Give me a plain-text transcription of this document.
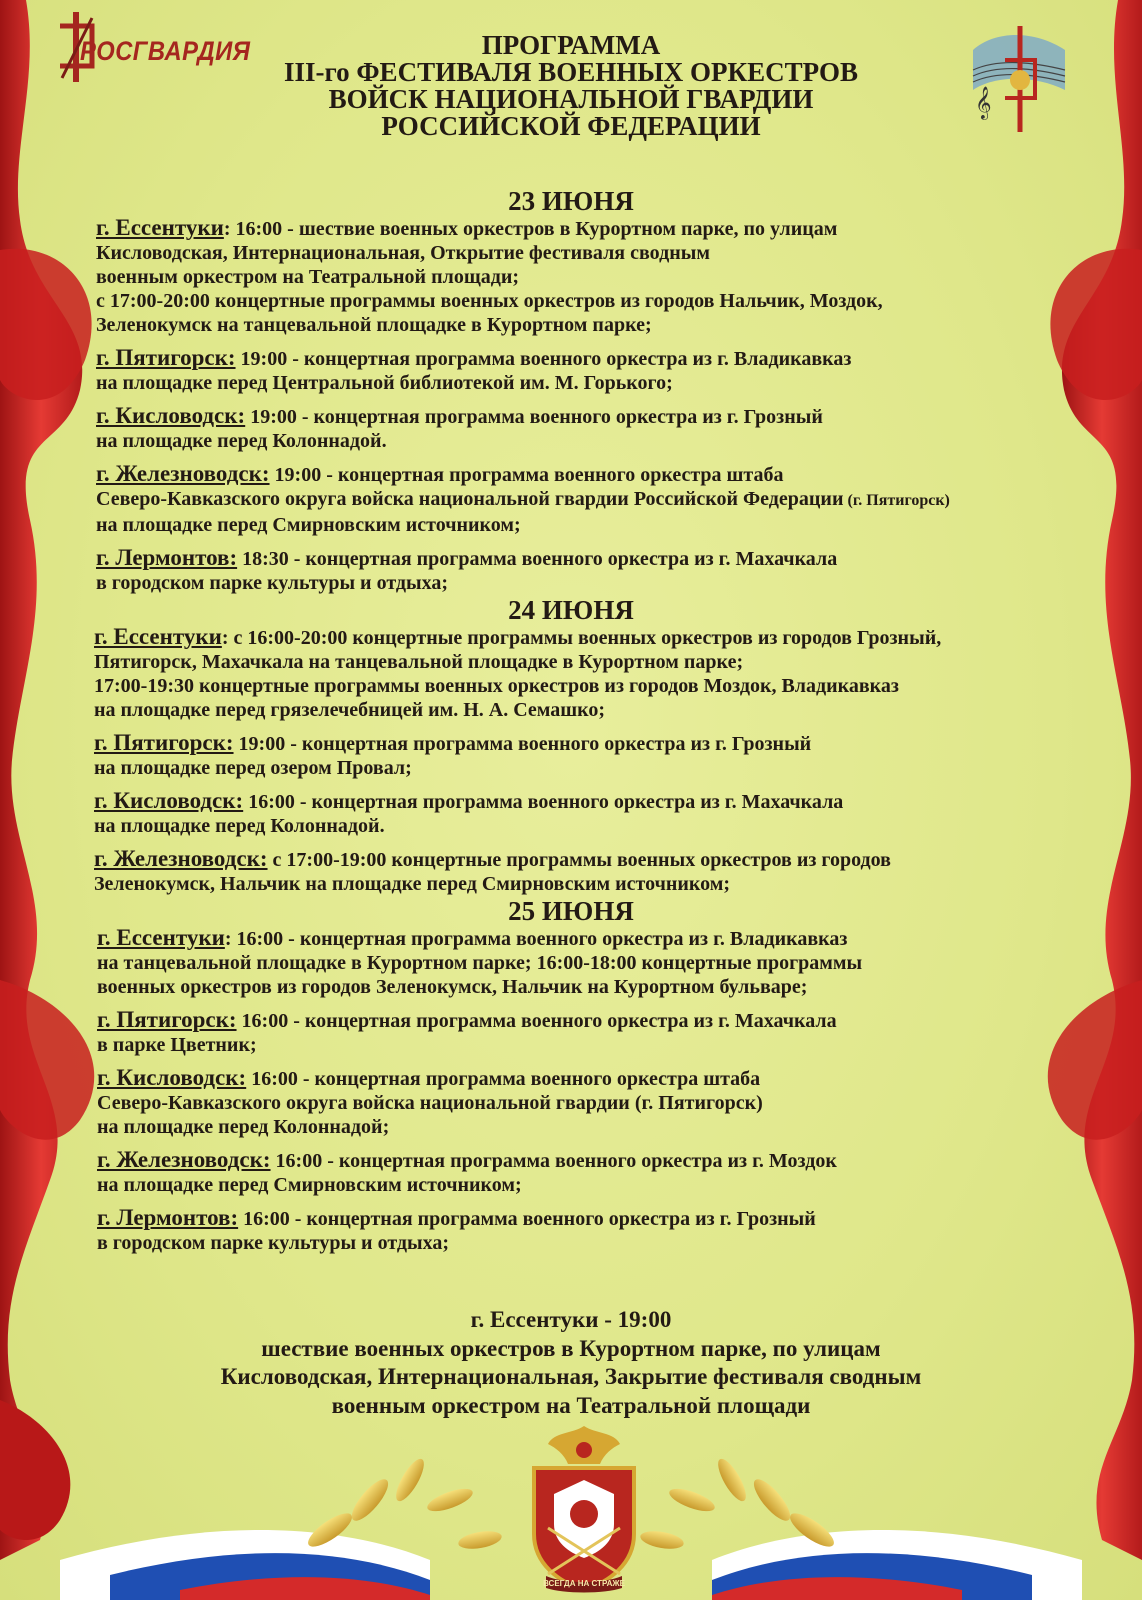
РОСГВАРДИЯ
𝄞
ПРОГРАММА
III-го ФЕСТИВАЛЯ ВОЕННЫХ ОРКЕСТРОВ
ВОЙСК НАЦИОНАЛЬНОЙ ГВАРДИИ
РОССИЙСКОЙ ФЕДЕРАЦИИ
23 ИЮНЯ
г. Ессентуки: 16:00 - шествие военных оркестров в Курортном парке, по улицам
Кисловодская, Интернациональная, Открытие фестиваля сводным
военным оркестром на Театральной площади;
с 17:00-20:00 концертные программы военных оркестров из городов Нальчик, Моздок,
Зеленокумск на танцевальной площадке в Курортном парке;
г. Пятигорск: 19:00 - концертная программа военного оркестра из г. Владикавказ
на площадке перед Центральной библиотекой им. М. Горького;
г. Кисловодск: 19:00 - концертная программа военного оркестра из г. Грозный
на площадке перед Колоннадой.
г. Железноводск: 19:00 - концертная программа военного оркестра штаба
Северо-Кавказского округа войска национальной гвардии Российской Федерации (г. Пятигорск)
на площадке перед Смирновским источником;
г. Лермонтов: 18:30 - концертная программа военного оркестра из г. Махачкала
в городском парке культуры и отдыха;
24 ИЮНЯ
г. Ессентуки: с 16:00-20:00 концертные программы военных оркестров из городов Грозный,
Пятигорск, Махачкала на танцевальной площадке в Курортном парке;
17:00-19:30 концертные программы военных оркестров из городов Моздок, Владикавказ
на площадке перед грязелечебницей им. Н. А. Семашко;
г. Пятигорск: 19:00 - концертная программа военного оркестра из г. Грозный
на площадке перед озером Провал;
г. Кисловодск: 16:00 - концертная программа военного оркестра из г. Махачкала
на площадке перед Колоннадой.
г. Железноводск: с 17:00-19:00 концертные программы военных оркестров из городов
Зеленокумск, Нальчик на площадке перед Смирновским источником;
25 ИЮНЯ
г. Ессентуки: 16:00 - концертная программа военного оркестра из г. Владикавказ
на танцевальной площадке в Курортном парке; 16:00-18:00 концертные программы
военных оркестров из городов Зеленокумск, Нальчик на Курортном бульваре;
г. Пятигорск: 16:00 - концертная программа военного оркестра из г. Махачкала
в парке Цветник;
г. Кисловодск: 16:00 - концертная программа военного оркестра штаба
Северо-Кавказского округа войска национальной гвардии (г. Пятигорск)
на площадке перед Колоннадой;
г. Железноводск: 16:00 - концертная программа военного оркестра из г. Моздок
на площадке перед Смирновским источником;
г. Лермонтов: 16:00 - концертная программа военного оркестра из г. Грозный
в городском парке культуры и отдыха;
г. Ессентуки - 19:00
шествие военных оркестров в Курортном парке, по улицам
Кисловодская, Интернациональная, Закрытие фестиваля сводным
военным оркестром на Театральной площади
ВСЕГДА НА СТРАЖЕ
